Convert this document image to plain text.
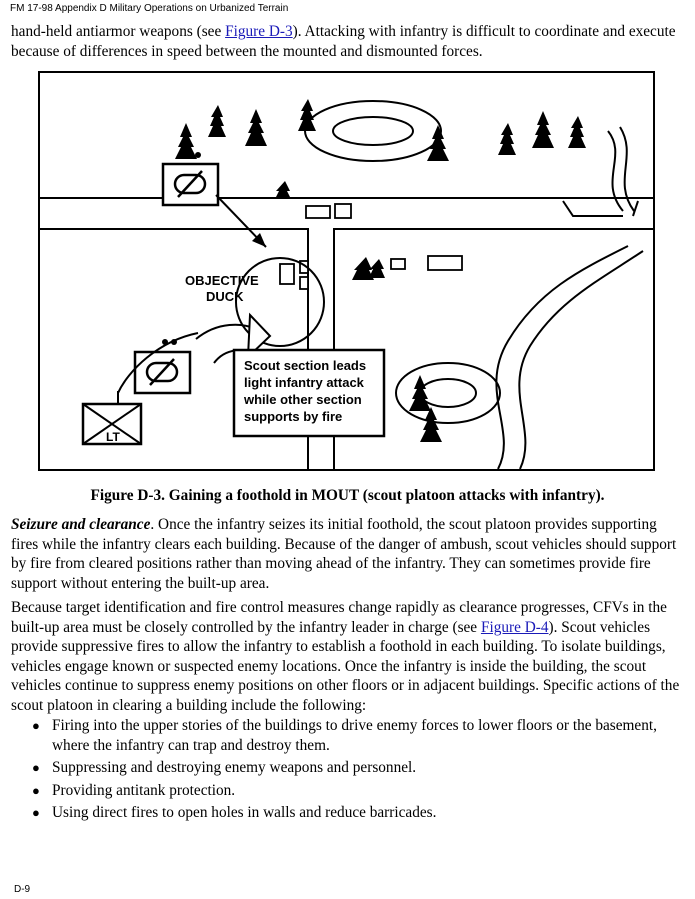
FM 17-98 Appendix D Military Operations on Urbanized Terrain

hand-held antiarmor weapons (see Figure D-3). Attacking with infantry is difficult to coordinate and execute because of differences in speed between the mounted and dismounted forces.

OBJECTIVE
DUCK
LT
Scout section leads
light infantry attack
while other section
supports by fire
Figure D-3. Gaining a foothold in MOUT (scout platoon attacks with infantry).

Seizure and clearance. Once the infantry seizes its initial foothold, the scout platoon provides supporting fires while the infantry clears each building. Because of the danger of ambush, scout vehicles should support by fire from cleared positions rather than moving ahead of the infantry. They can sometimes provide fire support without entering the built-up area.

Because target identification and fire control measures change rapidly as clearance progresses, CFVs in the built-up area must be closely controlled by the infantry leader in charge (see Figure D-4). Scout vehicles provide suppressive fires to allow the infantry to establish a foothold in each building. To isolate buildings, vehicles engage known or suspected enemy locations. Once the infantry is inside the building, the scout vehicles continue to suppress enemy positions on other floors or in adjacent buildings. Specific actions of the scout platoon in clearing a building include the following:

● Firing into the upper stories of the buildings to drive enemy forces to lower floors or the basement, where the infantry can trap and destroy them.
● Suppressing and destroying enemy weapons and personnel.
● Providing antitank protection.
● Using direct fires to open holes in walls and reduce barricades.
D-9
